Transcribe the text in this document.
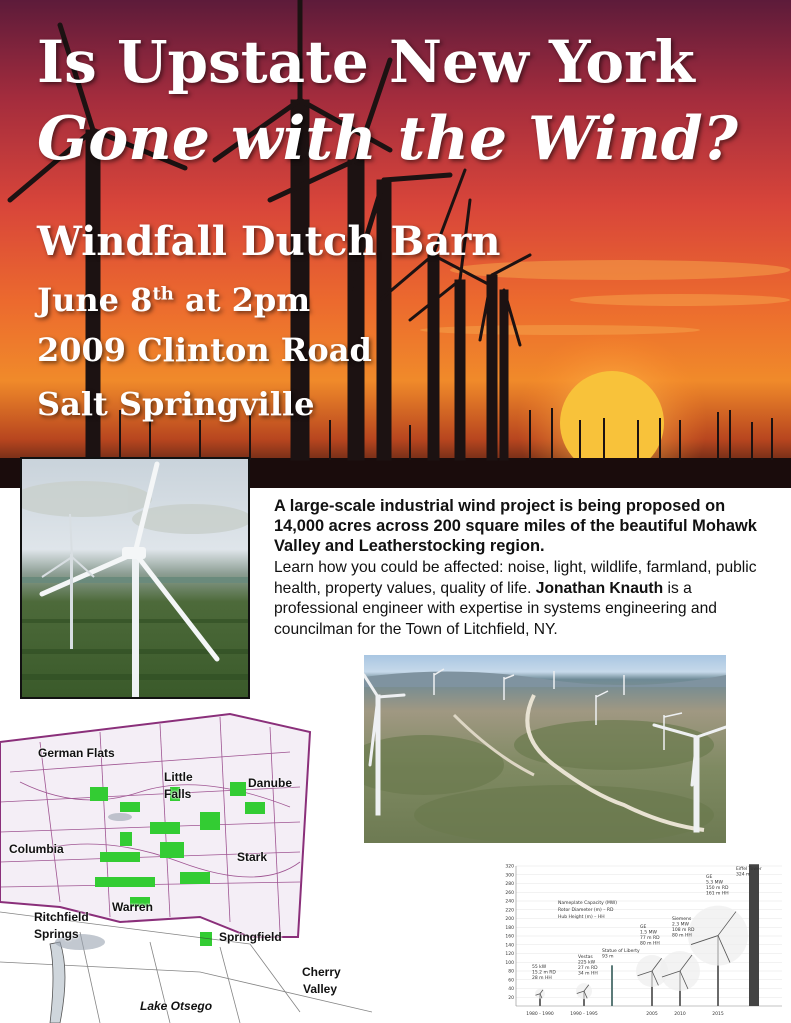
Is Upstate New York
Gone with the Wind?
Windfall Dutch Barn
June 8th at 2pm
2009 Clinton Road
Salt Springville

A large-scale industrial wind project is being proposed on 14,000 acres across 200 square miles of the beautiful Mohawk Valley and Leatherstocking region.

Learn how you could be affected: noise, light, wildlife, farmland, public health, property values, quality of life. Jonathan Knauth is a professional engineer with expertise in systems engineering and councilman for the Town of Litchfield, NY.

German Flats
Little
Falls
Danube
Columbia
Stark
Warren
Ritchfield
Springs	Springfield
Cherry
Valley
Lake Otsego
320
300
280
260
240
220
200
180
160
140
120
100
80
60
40
20
1980 - 1990	1990 - 1995	2005	2010	2015
55 kW
15.2 m RD
28 m HH
Vestas
225 kW
27 m RD
34 m HH
Statue of Liberty
93 m
GE
1.5 MW
77 m RD
80 m HH
Siemens
2.3 MW
108 m RD
80 m HH
GE
5.3 MW
150 m RD
161 m HH
Eiffel Tower
324 m
Nameplate Capacity (MW)
Rotor Diameter (m) – RD
Hub Height (m) – HH
